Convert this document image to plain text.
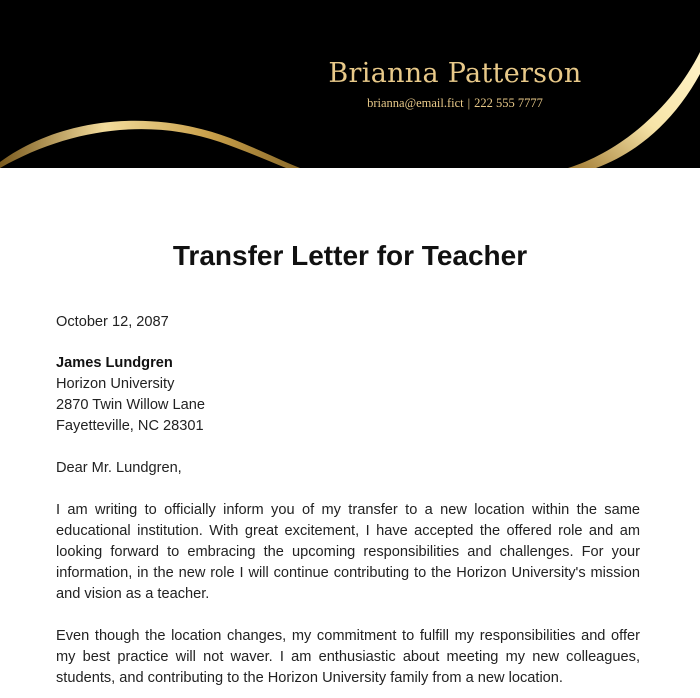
Brianna Patterson
brianna@email.fict | 222 555 7777
Transfer Letter for Teacher
October 12, 2087
James Lundgren
Horizon University
2870 Twin Willow Lane
Fayetteville, NC 28301
Dear Mr. Lundgren,
I am writing to officially inform you of my transfer to a new location within the same educational institution. With great excitement, I have accepted the offered role and am looking forward to embracing the upcoming responsibilities and challenges. For your information, in the new role I will continue contributing to the Horizon University's mission and vision as a teacher.
Even though the location changes, my commitment to fulfill my responsibilities and offer my best practice will not waver. I am enthusiastic about meeting my new colleagues, students, and contributing to the Horizon University family from a new location.
